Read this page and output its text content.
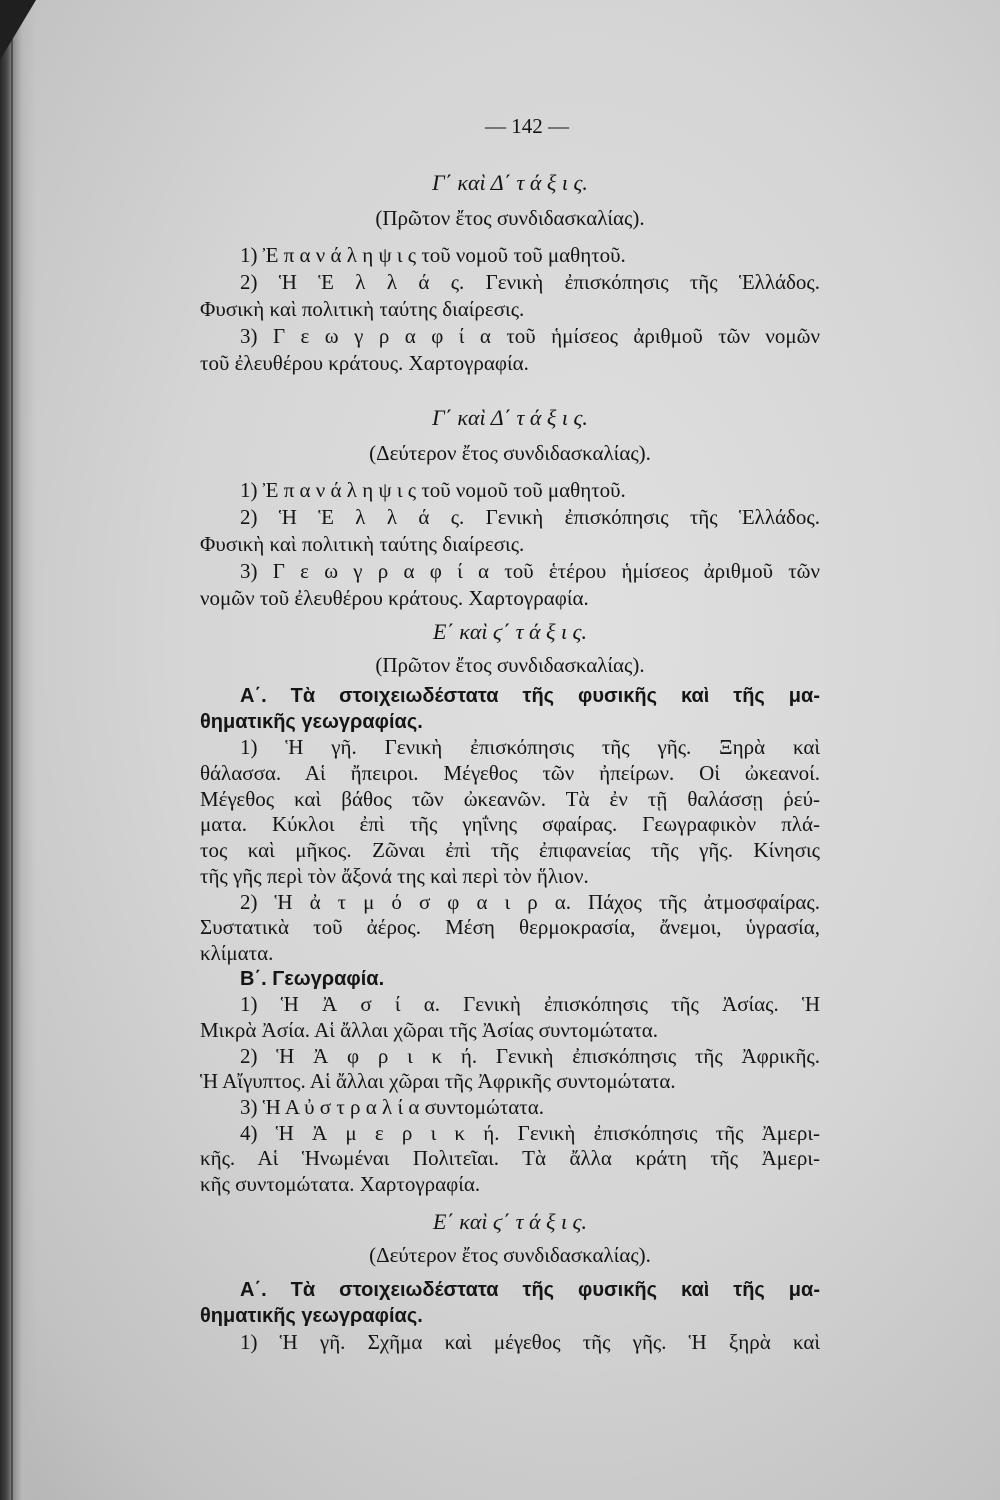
— 142 —
Γ΄ καὶ Δ΄ τ ά ξ ι ς.
(Πρῶτον ἔτος συνδιδασκαλίας).
1) Ἐ π α ν ά λ η ψ ι ς τοῦ νομοῦ τοῦ μαθητοῦ.
2) Ἡ Ἑ λ λ ά ς. Γενικὴ ἐπισκόπησις τῆς Ἑλλάδος.
Φυσικὴ καὶ πολιτικὴ ταύτης διαίρεσις.
3) Γ ε ω γ ρ α φ ί α τοῦ ἡμίσεος ἀριθμοῦ τῶν νομῶν
τοῦ ἐλευθέρου κράτους. Χαρτογραφία.
Γ΄ καὶ Δ΄ τ ά ξ ι ς.
(Δεύτερον ἔτος συνδιδασκαλίας).
1) Ἐ π α ν ά λ η ψ ι ς τοῦ νομοῦ τοῦ μαθητοῦ.
2) Ἡ Ἑ λ λ ά ς. Γενικὴ ἐπισκόπησις τῆς Ἑλλάδος.
Φυσικὴ καὶ πολιτικὴ ταύτης διαίρεσις.
3) Γ ε ω γ ρ α φ ί α τοῦ ἑτέρου ἡμίσεος ἀριθμοῦ τῶν
νομῶν τοῦ ἐλευθέρου κράτους. Χαρτογραφία.
Ε΄ καὶ ϛ΄ τ ά ξ ι ς.
(Πρῶτον ἔτος συνδιδασκαλίας).
Α΄. Τὰ στοιχειωδέστατα τῆς φυσικῆς καὶ τῆς μα-
θηματικῆς γεωγραφίας.
1) Ἡ γῆ. Γενικὴ ἐπισκόπησις τῆς γῆς. Ξηρὰ καὶ
θάλασσα. Αἱ ἤπειροι. Μέγεθος τῶν ἠπείρων. Οἱ ὠκεανοί.
Μέγεθος καὶ βάθος τῶν ὠκεανῶν. Τὰ ἐν τῇ θαλάσσῃ ῥεύ-
ματα. Κύκλοι ἐπὶ τῆς γηΐνης σφαίρας. Γεωγραφικὸν πλά-
τος καὶ μῆκος. Ζῶναι ἐπὶ τῆς ἐπιφανείας τῆς γῆς. Κίνησις
τῆς γῆς περὶ τὸν ἄξονά της καὶ περὶ τὸν ἥλιον.
2) Ἡ ἀ τ μ ό σ φ α ι ρ α. Πάχος τῆς ἀτμοσφαίρας.
Συστατικὰ τοῦ ἀέρος. Μέση θερμοκρασία, ἄνεμοι, ὑγρασία,
κλίματα.
Β΄. Γεωγραφία.
1) Ἡ Ἀ σ ί α. Γενικὴ ἐπισκόπησις τῆς Ἀσίας. Ἡ
Μικρὰ Ἀσία. Αἱ ἄλλαι χῶραι τῆς Ἀσίας συντομώτατα.
2) Ἡ Ἀ φ ρ ι κ ή. Γενικὴ ἐπισκόπησις τῆς Ἀφρικῆς.
Ἡ Αἴγυπτος. Αἱ ἄλλαι χῶραι τῆς Ἀφρικῆς συντομώτατα.
3) Ἡ Α ὐ σ τ ρ α λ ί α συντομώτατα.
4) Ἡ Ἀ μ ε ρ ι κ ή. Γενικὴ ἐπισκόπησις τῆς Ἀμερι-
κῆς. Αἱ Ἡνωμέναι Πολιτεῖαι. Τὰ ἄλλα κράτη τῆς Ἀμερι-
κῆς συντομώτατα. Χαρτογραφία.
Ε΄ καὶ ϛ΄ τ ά ξ ι ς.
(Δεύτερον ἔτος συνδιδασκαλίας).
Α΄. Τὰ στοιχειωδέστατα τῆς φυσικῆς καὶ τῆς μα-
θηματικῆς γεωγραφίας.
1) Ἡ γῆ. Σχῆμα καὶ μέγεθος τῆς γῆς. Ἡ ξηρὰ καὶ
